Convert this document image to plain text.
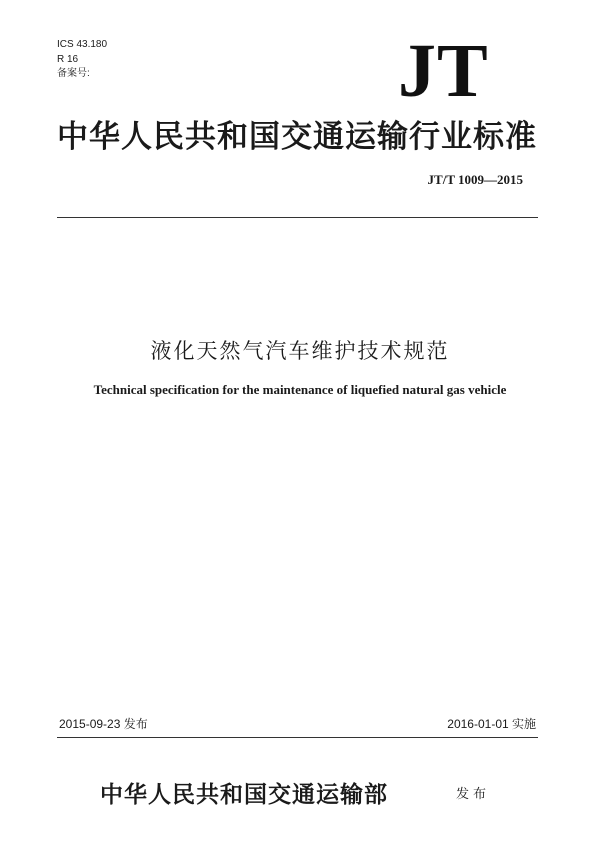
ICS 43.180
R 16
备案号:	JT
中华人民共和国交通运输行业标准
JT/T 1009—2015
液化天然气汽车维护技术规范
Technical specification for the maintenance of liquefied natural gas vehicle
2015-09-23 发布	2016-01-01 实施
中华人民共和国交通运输部	发布
